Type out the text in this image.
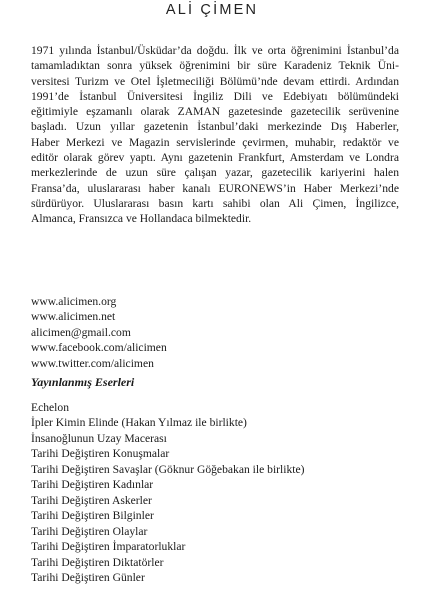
ALİ ÇİMEN

1971 yılında İstanbul/Üsküdar’da doğdu. İlk ve orta öğrenimini İstanbul’da
tamamladıktan sonra yüksek öğrenimini bir süre Karadeniz Teknik Üni-
versitesi Turizm ve Otel İşletmeciliği Bölümü’nde devam ettirdi. Ardından
1991’de İstanbul Üniversitesi İngiliz Dili ve Edebiyatı bölümündeki
eğitimiyle eşzamanlı olarak ZAMAN gazetesinde gazetecilik serüvenine
başladı. Uzun yıllar gazetenin İstanbul’daki merkezinde Dış Haberler,
Haber Merkezi ve Magazin servislerinde çevirmen, muhabir, redaktör ve
editör olarak görev yaptı. Aynı gazetenin Frankfurt, Amsterdam ve Londra
merkezlerinde de uzun süre çalışan yazar, gazetecilik kariyerini halen
Fransa’da, uluslararası haber kanalı EURONEWS’in Haber Merkezi’nde
sürdürüyor. Uluslararası basın kartı sahibi olan Ali Çimen, İngilizce,
Almanca, Fransızca ve Hollandaca bilmektedir.

www.alicimen.org
www.alicimen.net
alicimen@gmail.com
www.facebook.com/alicimen
www.twitter.com/alicimen
Yayınlanmış Eserleri
Echelon
İpler Kimin Elinde (Hakan Yılmaz ile birlikte)
İnsanoğlunun Uzay Macerası
Tarihi Değiştiren Konuşmalar
Tarihi Değiştiren Savaşlar (Göknur Göğebakan ile birlikte)
Tarihi Değiştiren Kadınlar
Tarihi Değiştiren Askerler
Tarihi Değiştiren Bilginler
Tarihi Değiştiren Olaylar
Tarihi Değiştiren İmparatorluklar
Tarihi Değiştiren Diktatörler
Tarihi Değiştiren Günler
